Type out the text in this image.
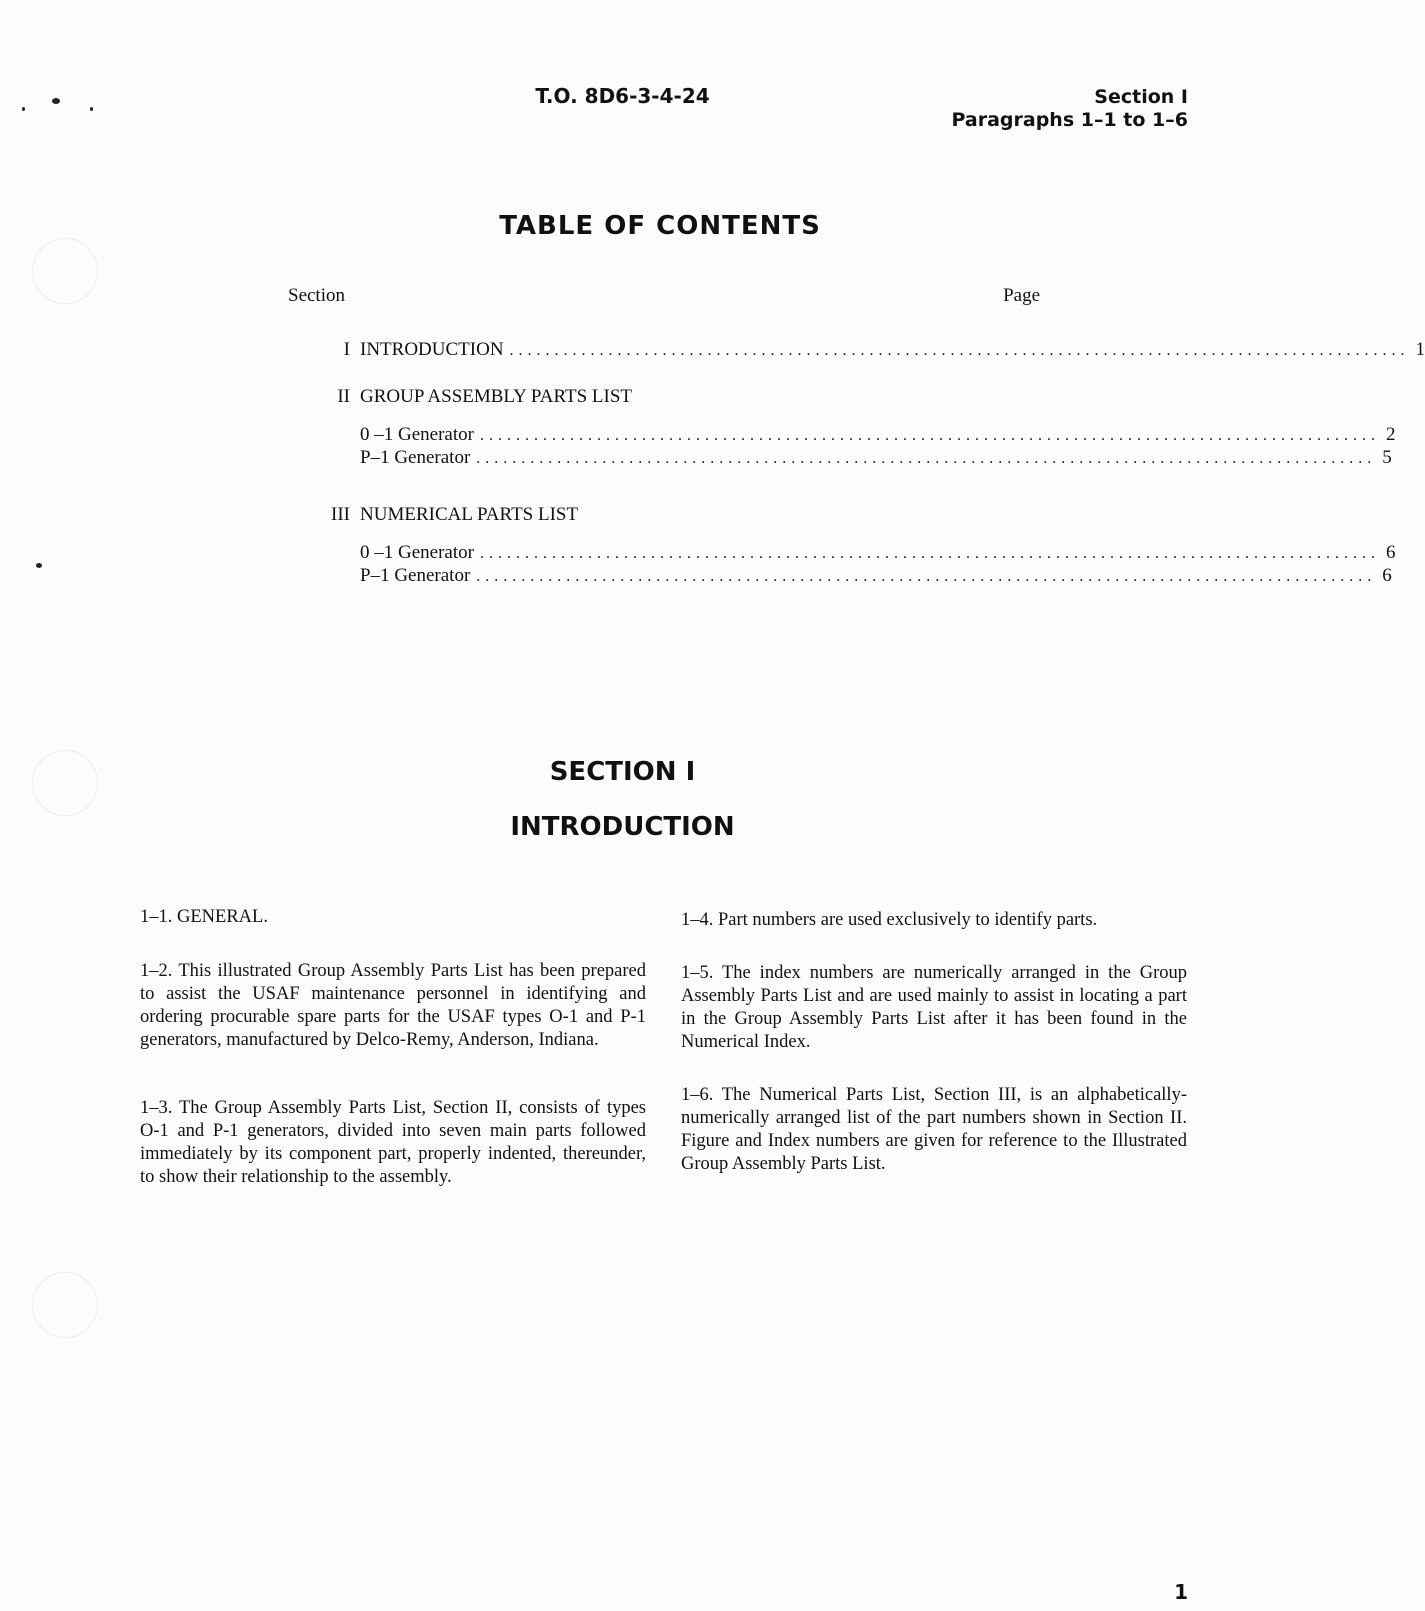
T.O. 8D6-3-4-24	Section I
Paragraphs 1–1 to 1–6
TABLE OF CONTENTS
Section	Page
I INTRODUCTION .................................................................................................... 1
II GROUP ASSEMBLY PARTS LIST
0 –1 Generator .................................................................................................... 2
P–1 Generator .................................................................................................... 5
III NUMERICAL PARTS LIST
0 –1 Generator .................................................................................................... 6
P–1 Generator .................................................................................................... 6
SECTION I
INTRODUCTION

1–1. GENERAL.

1–2. This illustrated Group Assembly Parts List has been prepared to assist the USAF maintenance personnel in identifying and ordering procurable spare parts for the USAF types O-1 and P-1 generators, manufactured by Delco-Remy, Anderson, Indiana.

1–3. The Group Assembly Parts List, Section II, consists of types O-1 and P-1 generators, divided into seven main parts followed immediately by its component part, properly indented, thereunder, to show their relationship to the assembly.

1–4. Part numbers are used exclusively to identify parts.

1–5. The index numbers are numerically arranged in the Group Assembly Parts List and are used mainly to assist in locating a part in the Group Assembly Parts List after it has been found in the Numerical Index.

1–6. The Numerical Parts List, Section III, is an alphabetically-numerically arranged list of the part numbers shown in Section II. Figure and Index numbers are given for reference to the Illustrated Group Assembly Parts List.

1
